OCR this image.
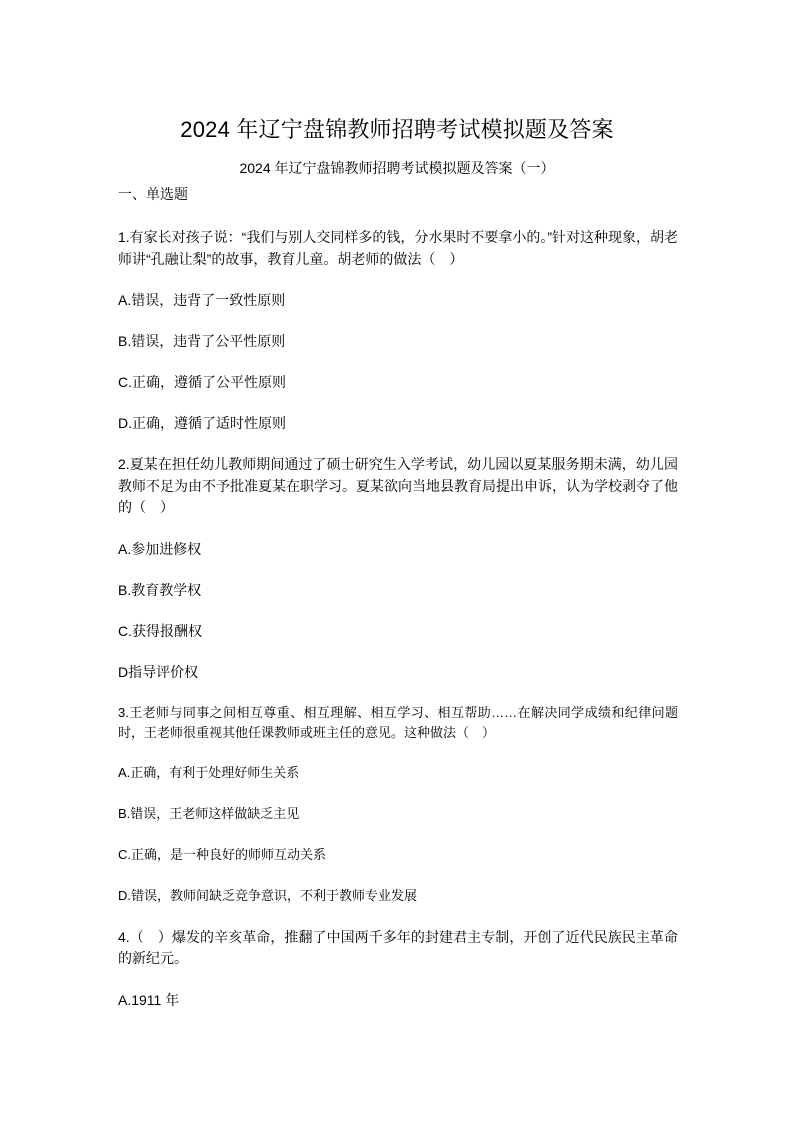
2024 年辽宁盘锦教师招聘考试模拟题及答案
2024 年辽宁盘锦教师招聘考试模拟题及答案（一）
一、单选题

1.有家长对孩子说：“我们与别人交同样多的钱，分水果时不要拿小的。”针对这种现象，胡老师讲“孔融让梨”的故事，教育儿童。胡老师的做法（　）

A.错误，违背了一致性原则

B.错误，违背了公平性原则

C.正确，遵循了公平性原则

D.正确，遵循了适时性原则

2.夏某在担任幼儿教师期间通过了硕士研究生入学考试，幼儿园以夏某服务期未满，幼儿园教师不足为由不予批准夏某在职学习。夏某欲向当地县教育局提出申诉，认为学校剥夺了他的（　）

A.参加进修权

B.教育教学权

C.获得报酬权

D指导评价权

3.王老师与同事之间相互尊重、相互理解、相互学习、相互帮助……在解决同学成绩和纪律问题时，王老师很重视其他任课教师或班主任的意见。这种做法（　）

A.正确，有利于处理好师生关系

B.错误，王老师这样做缺乏主见

C.正确，是一种良好的师师互动关系

D.错误，教师间缺乏竞争意识，不利于教师专业发展

4.（　）爆发的辛亥革命，推翻了中国两千多年的封建君主专制，开创了近代民族民主革命的新纪元。

A.1911 年
